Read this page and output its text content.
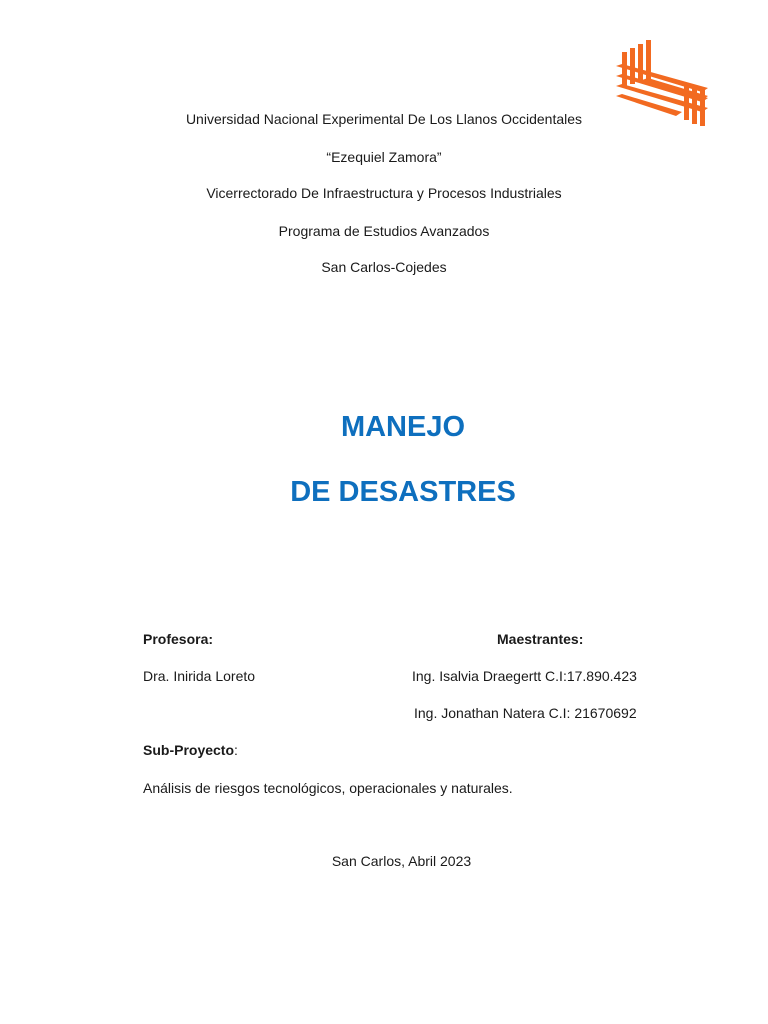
Universidad Nacional Experimental De Los Llanos Occidentales
“Ezequiel Zamora”
Vicerrectorado De Infraestructura y Procesos Industriales
Programa de Estudios Avanzados
San Carlos-Cojedes
MANEJO
DE DESASTRES
Profesora:	Maestrantes:
Dra. Inirida Loreto	Ing. Isalvia Draegertt C.I:17.890.423
Ing. Jonathan Natera C.I: 21670692
Sub-Proyecto:
Análisis de riesgos tecnológicos, operacionales y naturales.
San Carlos, Abril 2023
